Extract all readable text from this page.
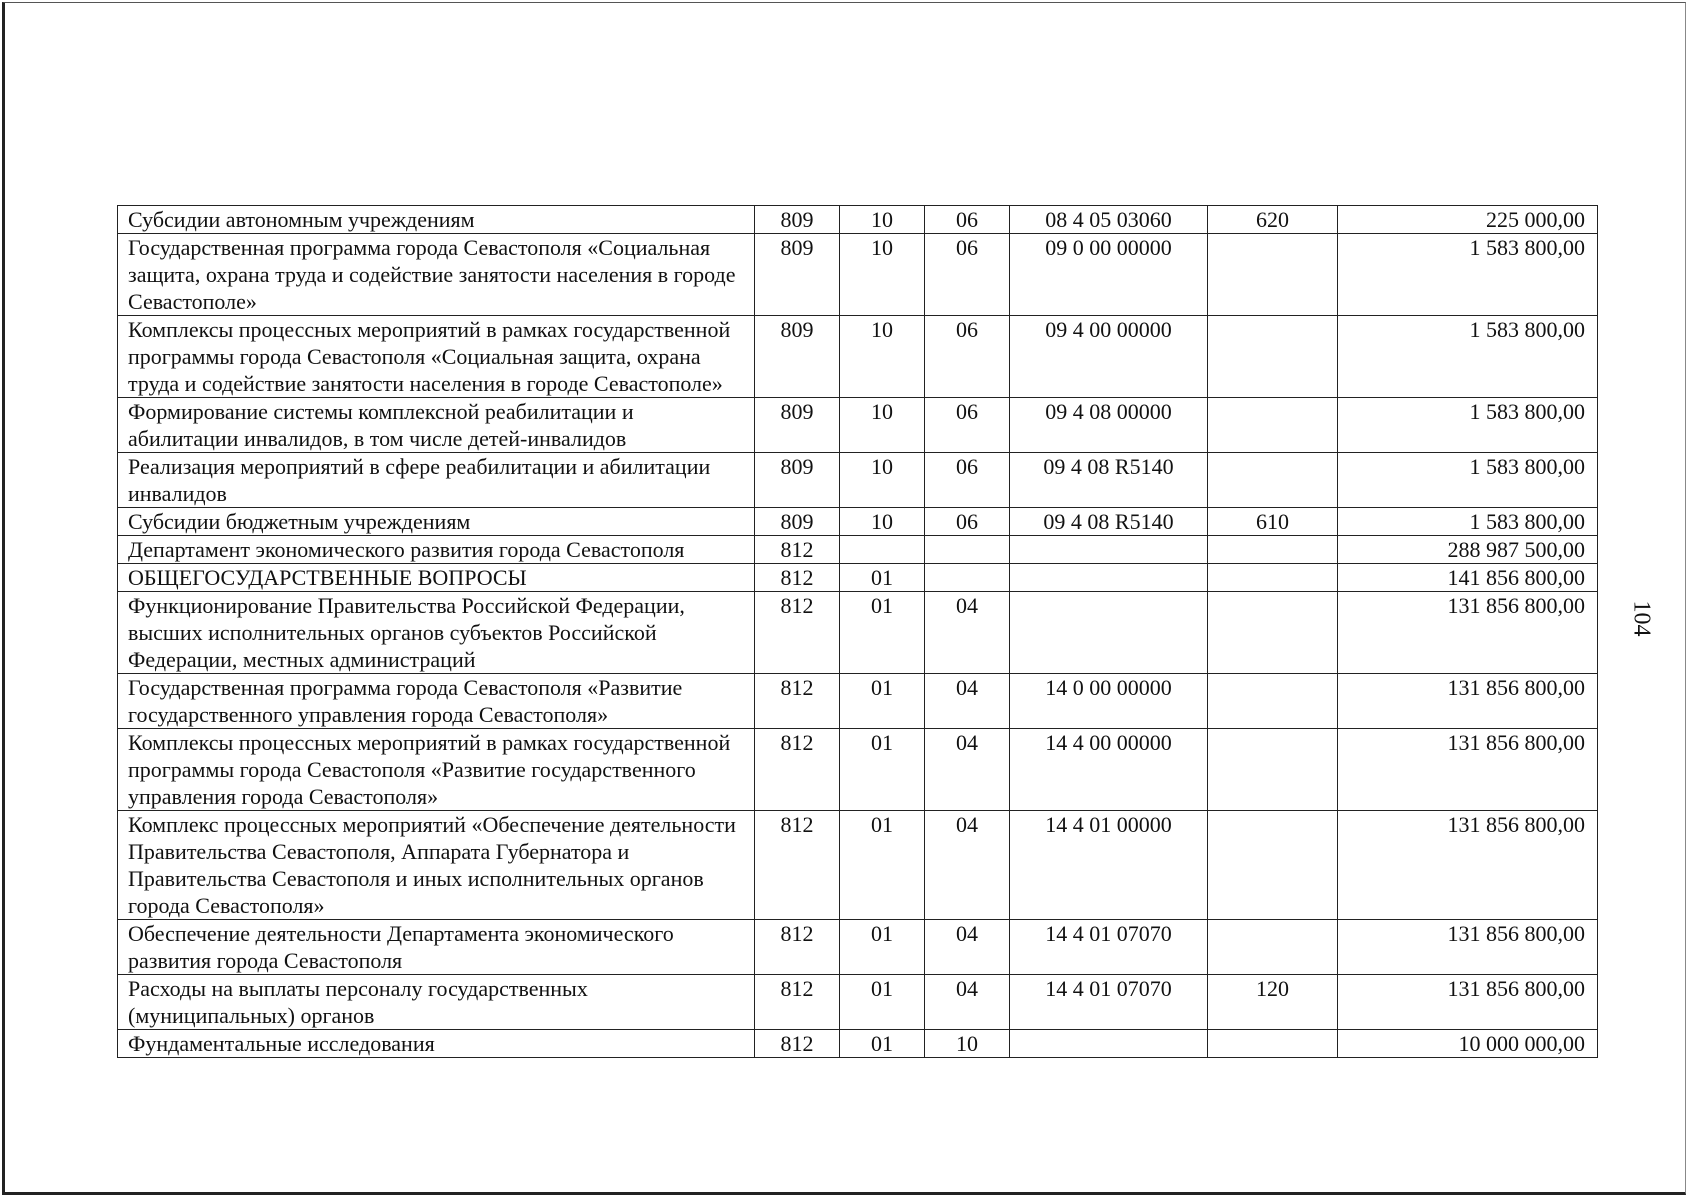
Субсидии автономным учреждениям	809	10	06	08 4 05 03060	620	225 000,00
Государственная программа города Севастополя «Социальная защита, охрана труда и содействие занятости населения в городе Севастополе»	809	10	06	09 0 00 00000		1 583 800,00
Комплексы процессных мероприятий в рамках государственной программы города Севастополя «Социальная защита, охрана труда и содействие занятости населения в городе Севастополе»	809	10	06	09 4 00 00000		1 583 800,00
Формирование системы комплексной реабилитации и абилитации инвалидов, в том числе детей-инвалидов	809	10	06	09 4 08 00000		1 583 800,00
Реализация мероприятий в сфере реабилитации и абилитации инвалидов	809	10	06	09 4 08 R5140		1 583 800,00
Субсидии бюджетным учреждениям	809	10	06	09 4 08 R5140	610	1 583 800,00
Департамент экономического развития города Севастополя	812					288 987 500,00
ОБЩЕГОСУДАРСТВЕННЫЕ ВОПРОСЫ	812	01				141 856 800,00
Функционирование Правительства Российской Федерации, высших исполнительных органов субъектов Российской Федерации, местных администраций	812	01	04			131 856 800,00
Государственная программа города Севастополя «Развитие государственного управления города Севастополя»	812	01	04	14 0 00 00000		131 856 800,00
Комплексы процессных мероприятий в рамках государственной программы города Севастополя «Развитие государственного управления города Севастополя»	812	01	04	14 4 00 00000		131 856 800,00
Комплекс процессных мероприятий «Обеспечение деятельности Правительства Севастополя, Аппарата Губернатора и Правительства Севастополя и иных исполнительных органов города Севастополя»	812	01	04	14 4 01 00000		131 856 800,00
Обеспечение деятельности Департамента экономического развития города Севастополя	812	01	04	14 4 01 07070		131 856 800,00
Расходы на выплаты персоналу государственных (муниципальных) органов	812	01	04	14 4 01 07070	120	131 856 800,00
Фундаментальные исследования	812	01	10			10 000 000,00
104
